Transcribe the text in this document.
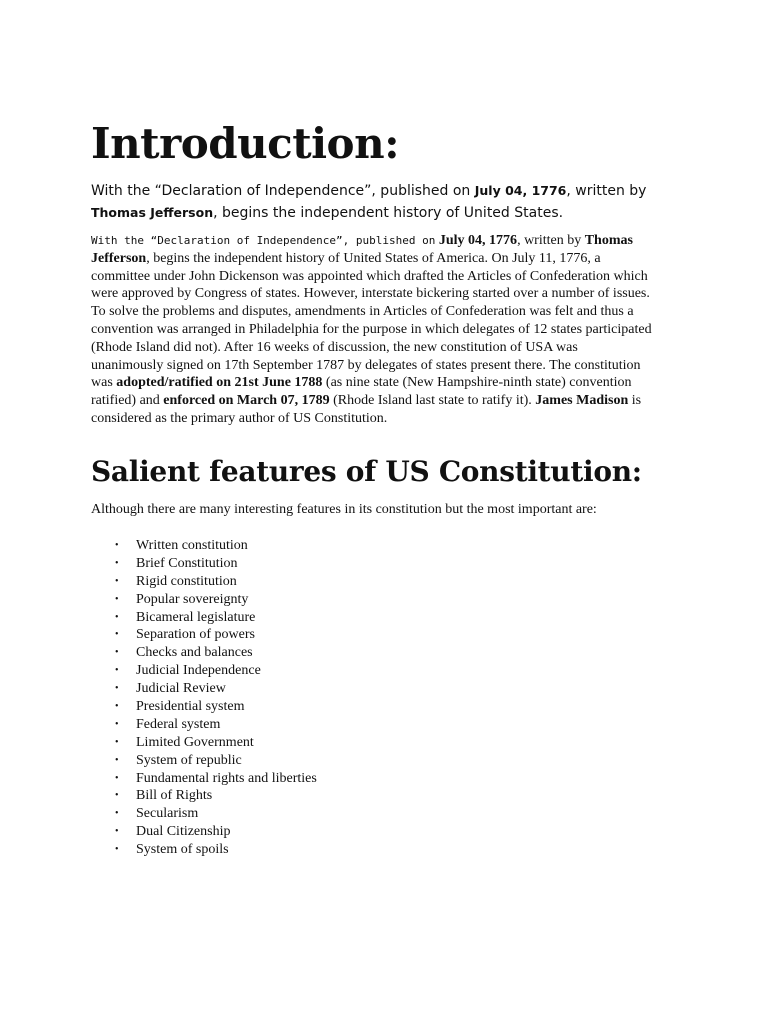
Introduction:

With the “Declaration of Independence”, published on July 04, 1776, written by Thomas Jefferson, begins the independent history of United States.

With the “Declaration of Independence”, published on July 04, 1776, written by Thomas Jefferson, begins the independent history of United States of America. On July 11, 1776, a committee under John Dickenson was appointed which drafted the Articles of Confederation which were approved by Congress of states. However, interstate bickering started over a number of issues. To solve the problems and disputes, amendments in Articles of Confederation was felt and thus a convention was arranged in Philadelphia for the purpose in which delegates of 12 states participated (Rhode Island did not). After 16 weeks of discussion, the new constitution of USA was unanimously signed on 17th September 1787 by delegates of states present there. The constitution was adopted/ratified on 21st June 1788 (as nine state (New Hampshire-ninth state) convention ratified) and enforced on March 07, 1789 (Rhode Island last state to ratify it). James Madison is considered as the primary author of US Constitution.

Salient features of US Constitution:

Although there are many interesting features in its constitution but the most important are:

• Written constitution
• Brief Constitution
• Rigid constitution
• Popular sovereignty
• Bicameral legislature
• Separation of powers
• Checks and balances
• Judicial Independence
• Judicial Review
• Presidential system
• Federal system
• Limited Government
• System of republic
• Fundamental rights and liberties
• Bill of Rights
• Secularism
• Dual Citizenship
• System of spoils
